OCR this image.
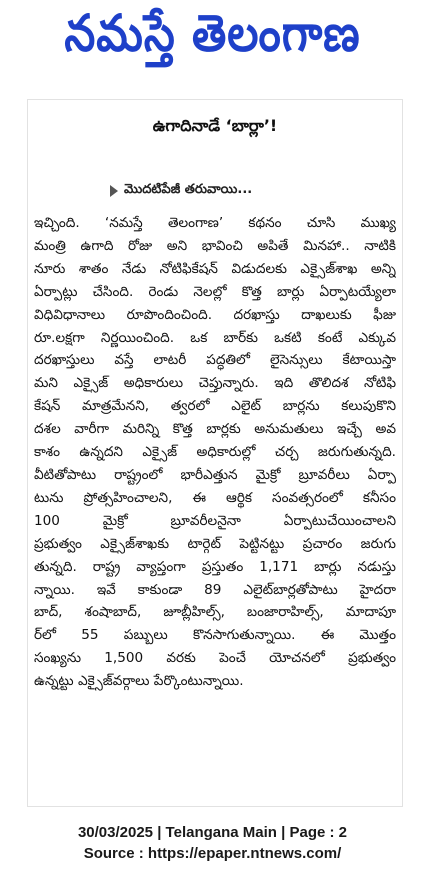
నమస్తే తెలంగాణ
ఉగాదినాడే ‘బార్లా’!
మొదటిపేజీ తరువాయి...
ఇచ్చింది. ‘నమస్తే తెలంగాణ’ కథనం చూసి ముఖ్య
మంత్రి ఉగాది రోజు అని భావించి అపితే మినహా.. నాటికి
నూరు శాతం నేడు నోటిఫికేషన్ విడుదలకు ఎక్సైజ్‌శాఖ అన్ని
ఏర్పాట్లు చేసింది. రెండు నెలల్లో కొత్త బార్లు ఏర్పాటయ్యేలా
విధివిధానాలు రూపొందించింది. దరఖాస్తు దాఖలుకు ఫీజు
రూ.లక్షగా నిర్ణయించింది. ఒక బార్‌కు ఒకటి కంటే ఎక్కువ
దరఖాస్తులు వస్తే లాటరీ పద్ధతిలో లైసెన్సులు కేటాయిస్తా
మని ఎక్సైజ్ అధికారులు చెప్తున్నారు. ఇది తొలిదశ నోటిఫి
కేషన్ మాత్రమేనని, త్వరలో ఎలైట్ బార్లను కలుపుకొని
దశల వారీగా మరిన్ని కొత్త బార్లకు అనుమతులు ఇచ్చే అవ
కాశం ఉన్నదని ఎక్సైజ్ అధికారుల్లో చర్చ జరుగుతున్నది.
వీటితోపాటు రాష్ట్రంలో భారీఎత్తున మైక్రో బ్రూవరీలు ఏర్పా
టును ప్రోత్సహించాలని, ఈ ఆర్థిక సంవత్సరంలో కనీసం
100 మైక్రో బ్రూవరీలనైనా ఏర్పాటుచేయించాలని
ప్రభుత్వం ఎక్సైజ్‌శాఖకు టార్గెట్ పెట్టినట్టు ప్రచారం జరుగు
తున్నది. రాష్ట్ర వ్యాప్తంగా ప్రస్తుతం 1,171 బార్లు నడుస్తు
న్నాయి. ఇవే కాకుండా 89 ఎలైట్‌బార్లతోపాటు హైదరా
బాద్, శంషాబాద్, జూబ్లీహిల్స్, బంజారాహిల్స్, మాదాపూ
ర్‌లో 55 పబ్బులు కొనసాగుతున్నాయి. ఈ మొత్తం
సంఖ్యను 1,500 వరకు పెంచే యోచనలో ప్రభుత్వం
ఉన్నట్టు ఎక్సైజ్‌వర్గాలు పేర్కొంటున్నాయి.
30/03/2025 | Telangana Main | Page : 2
Source : https://epaper.ntnews.com/
